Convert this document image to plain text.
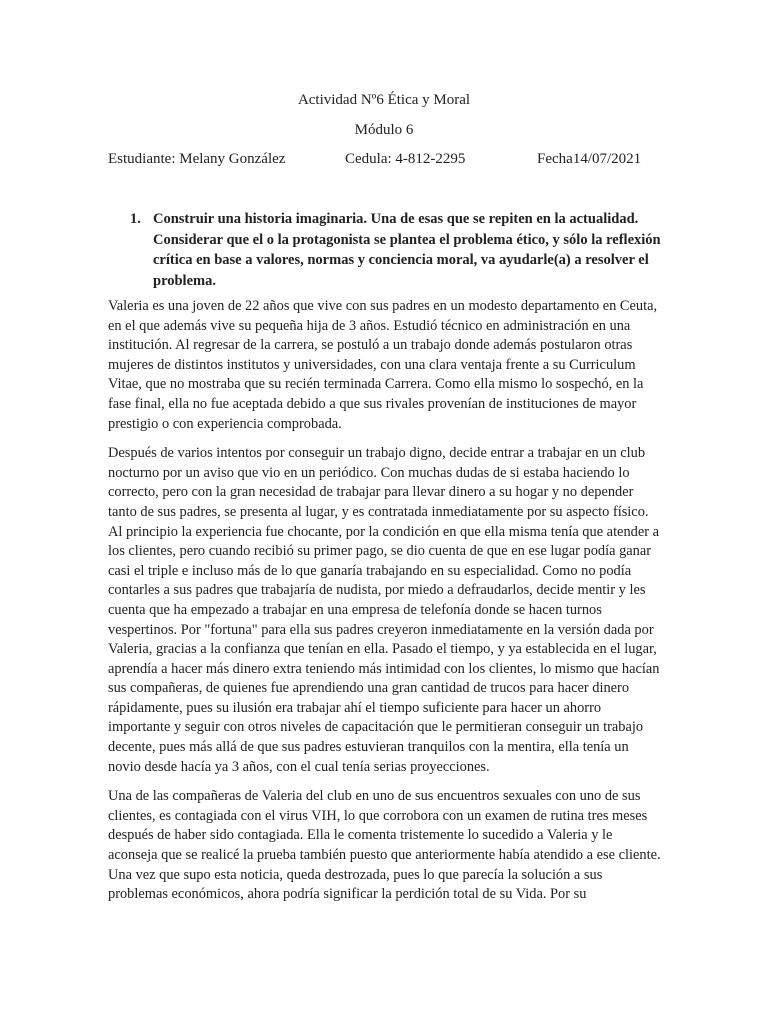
Actividad Nº6 Ética y Moral
Módulo 6
Estudiante: Melany González	Cedula: 4-812-2295	Fecha14/07/2021
1. Construir una historia imaginaria. Una de esas que se repiten en la actualidad. Considerar que el o la protagonista se plantea el problema ético, y sólo la reflexión crítica en base a valores, normas y conciencia moral, va ayudarle(a) a resolver el problema.

Valeria es una joven de 22 años que vive con sus padres en un modesto departamento en Ceuta, en el que además vive su pequeña hija de 3 años. Estudió técnico en administración en una institución. Al regresar de la carrera, se postuló a un trabajo donde además postularon otras mujeres de distintos institutos y universidades, con una clara ventaja frente a su Curriculum Vitae, que no mostraba que su recién terminada Carrera. Como ella mismo lo sospechó, en la fase final, ella no fue aceptada debido a que sus rivales provenían de instituciones de mayor prestigio o con experiencia comprobada.

Después de varios intentos por conseguir un trabajo digno, decide entrar a trabajar en un club nocturno por un aviso que vio en un periódico. Con muchas dudas de si estaba haciendo lo correcto, pero con la gran necesidad de trabajar para llevar dinero a su hogar y no depender tanto de sus padres, se presenta al lugar, y es contratada inmediatamente por su aspecto físico. Al principio la experiencia fue chocante, por la condición en que ella misma tenía que atender a los clientes, pero cuando recibió su primer pago, se dio cuenta de que en ese lugar podía ganar casi el triple e incluso más de lo que ganaría trabajando en su especialidad. Como no podía contarles a sus padres que trabajaría de nudista, por miedo a defraudarlos, decide mentir y les cuenta que ha empezado a trabajar en una empresa de telefonía donde se hacen turnos vespertinos. Por "fortuna" para ella sus padres creyeron inmediatamente en la versión dada por Valeria, gracias a la confianza que tenían en ella. Pasado el tiempo, y ya establecida en el lugar, aprendía a hacer más dinero extra teniendo más intimidad con los clientes, lo mismo que hacían sus compañeras, de quienes fue aprendiendo una gran cantidad de trucos para hacer dinero rápidamente, pues su ilusión era trabajar ahí el tiempo suficiente para hacer un ahorro importante y seguir con otros niveles de capacitación que le permitieran conseguir un trabajo decente, pues más allá de que sus padres estuvieran tranquilos con la mentira, ella tenía un novio desde hacía ya 3 años, con el cual tenía serias proyecciones.

Una de las compañeras de Valeria del club en uno de sus encuentros sexuales con uno de sus clientes, es contagiada con el virus VIH, lo que corrobora con un examen de rutina tres meses después de haber sido contagiada. Ella le comenta tristemente lo sucedido a Valeria y le aconseja que se realicé la prueba también puesto que anteriormente había atendido a ese cliente. Una vez que supo esta noticia, queda destrozada, pues lo que parecía la solución a sus problemas económicos, ahora podría significar la perdición total de su Vida. Por su
